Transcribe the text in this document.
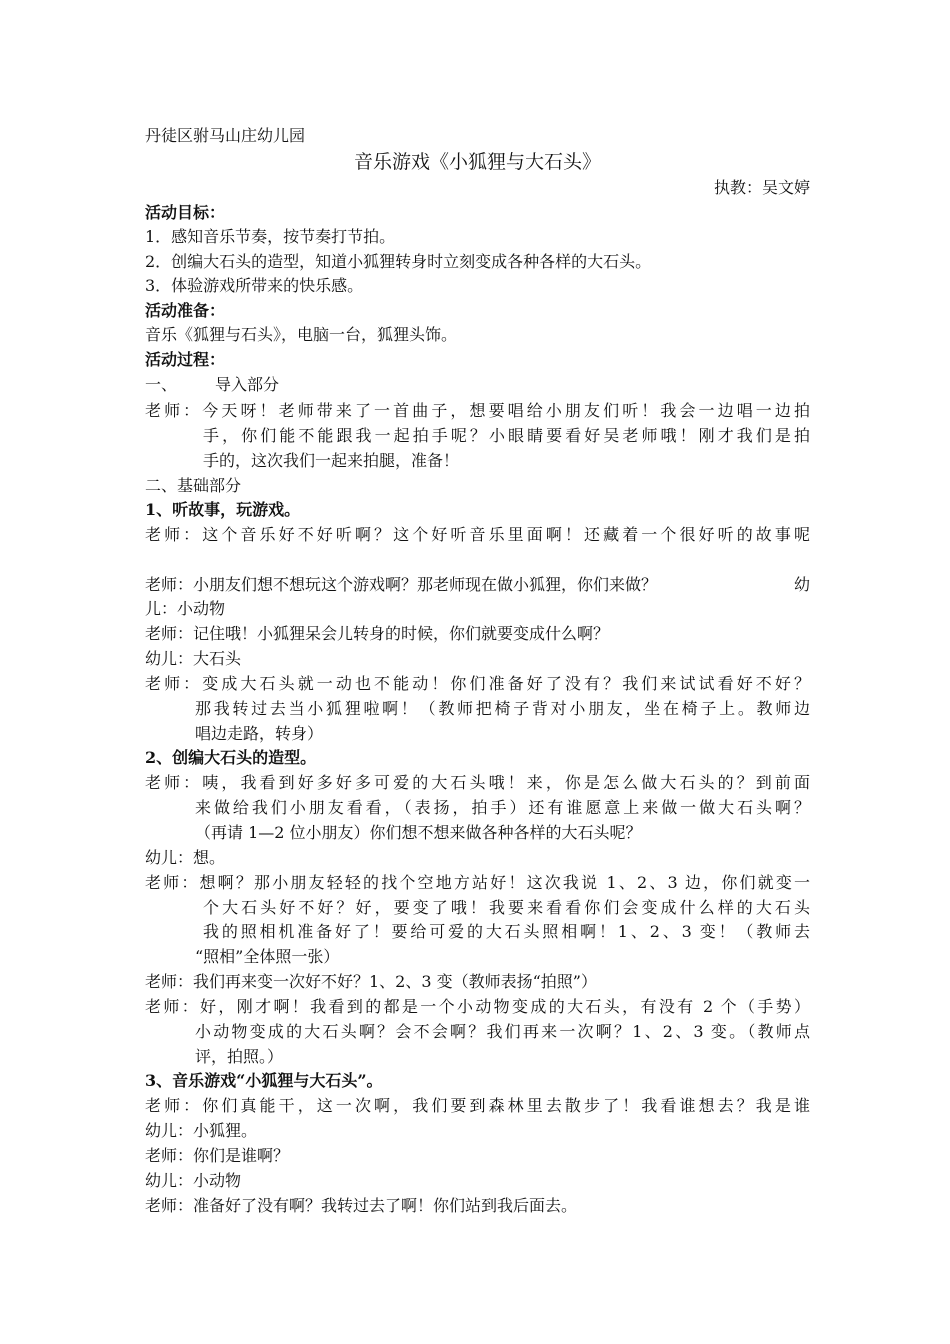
丹徒区驸马山庄幼儿园
音乐游戏《小狐狸与大石头》
执教：吴文婷
活动目标：
1．感知音乐节奏，按节奏打节拍。
2．创编大石头的造型，知道小狐狸转身时立刻变成各种各样的大石头。
3．体验游戏所带来的快乐感。
活动准备：
音乐《狐狸与石头》，电脑一台，狐狸头饰。
活动过程：
一、 导入部分
老师：今天呀！老师带来了一首曲子，想要唱给小朋友们听！我会一边唱一边拍
手，你们能不能跟我一起拍手呢？小眼睛要看好吴老师哦！刚才我们是拍
手的，这次我们一起来拍腿，准备！
二、基础部分
1、听故事，玩游戏。
老师：这个音乐好不好听啊？这个好听音乐里面啊！还藏着一个很好听的故事呢
老师：小朋友们想不想玩这个游戏啊？那老师现在做小狐狸，你们来做？	幼
儿：小动物
老师：记住哦！小狐狸呆会儿转身的时候，你们就要变成什么啊？
幼儿：大石头
老师：变成大石头就一动也不能动！你们准备好了没有？我们来试试看好不好？
那我转过去当小狐狸啦啊！（教师把椅子背对小朋友，坐在椅子上。教师边
唱边走路，转身）
2、创编大石头的造型。
老师：咦，我看到好多好多可爱的大石头哦！来，你是怎么做大石头的？到前面
来做给我们小朋友看看，（表扬，拍手）还有谁愿意上来做一做大石头啊？
（再请 1—2 位小朋友）你们想不想来做各种各样的大石头呢？
幼儿：想。
老师：想啊？那小朋友轻轻的找个空地方站好！这次我说 1、2、3 边，你们就变一
个大石头好不好？好，要变了哦！我要来看看你们会变成什么样的大石头
我的照相机准备好了！要给可爱的大石头照相啊！1、2、3 变！（教师去
“照相”全体照一张）
老师：我们再来变一次好不好？1、2、3 变（教师表扬“拍照”）
老师：好，刚才啊！我看到的都是一个小动物变成的大石头，有没有 2 个（手势）
小动物变成的大石头啊？会不会啊？我们再来一次啊？1、2、3 变。（教师点
评，拍照。）
3、音乐游戏“小狐狸与大石头”。
老师：你们真能干，这一次啊，我们要到森林里去散步了！我看谁想去？我是谁
幼儿：小狐狸。
老师：你们是谁啊？
幼儿：小动物
老师：准备好了没有啊？我转过去了啊！你们站到我后面去。
